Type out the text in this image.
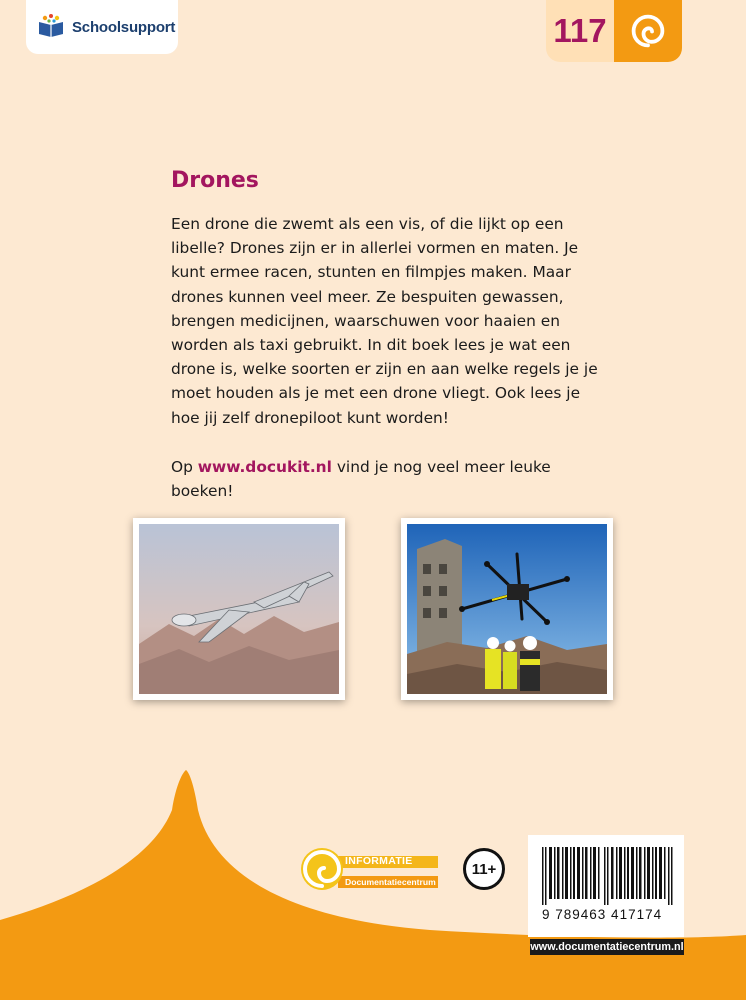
Schoolsupport	117
Drones

Een drone die zwemt als een vis, of die lijkt op een libelle? Drones zijn er in allerlei vormen en maten. Je kunt ermee racen, stunten en filmpjes maken. Maar drones kunnen veel meer. Ze bespuiten gewassen, brengen medicijnen, waarschuwen voor haaien en worden als taxi gebruikt. In dit boek lees je wat een drone is, welke soorten er zijn en aan welke regels je je moet houden als je met een drone vliegt. Ook lees je hoe jij zelf dronepiloot kunt worden!

Op www.docukit.nl vind je nog veel meer leuke boeken!

INFORMATIE
Documentatiecentrum
11+
9 789463 417174
www.documentatiecentrum.nl
